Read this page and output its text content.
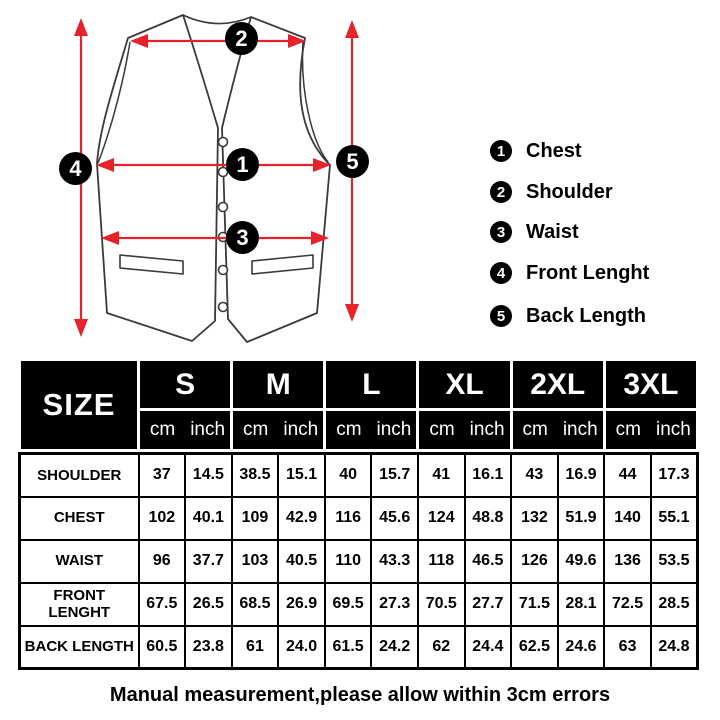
1
2
3
4	5	1	Chest
2	Shoulder
3	Waist
4	Front Lenght
5	Back Length
SIZE	S		M		L		XL		2XL		3XL	
	cm	inch	cm	inch	cm	inch	cm	inch	cm	inch	cm	inch
SHOULDER	37	14.5	38.5	15.1	40	15.7	41	16.1	43	16.9	44	17.3
CHEST	102	40.1	109	42.9	116	45.6	124	48.8	132	51.9	140	55.1
WAIST	96	37.7	103	40.5	110	43.3	118	46.5	126	49.6	136	53.5
FRONT LENGHT	67.5	26.5	68.5	26.9	69.5	27.3	70.5	27.7	71.5	28.1	72.5	28.5
BACK LENGTH	60.5	23.8	61	24.0	61.5	24.2	62	24.4	62.5	24.6	63	24.8
Manual measurement,please allow within 3cm errors
